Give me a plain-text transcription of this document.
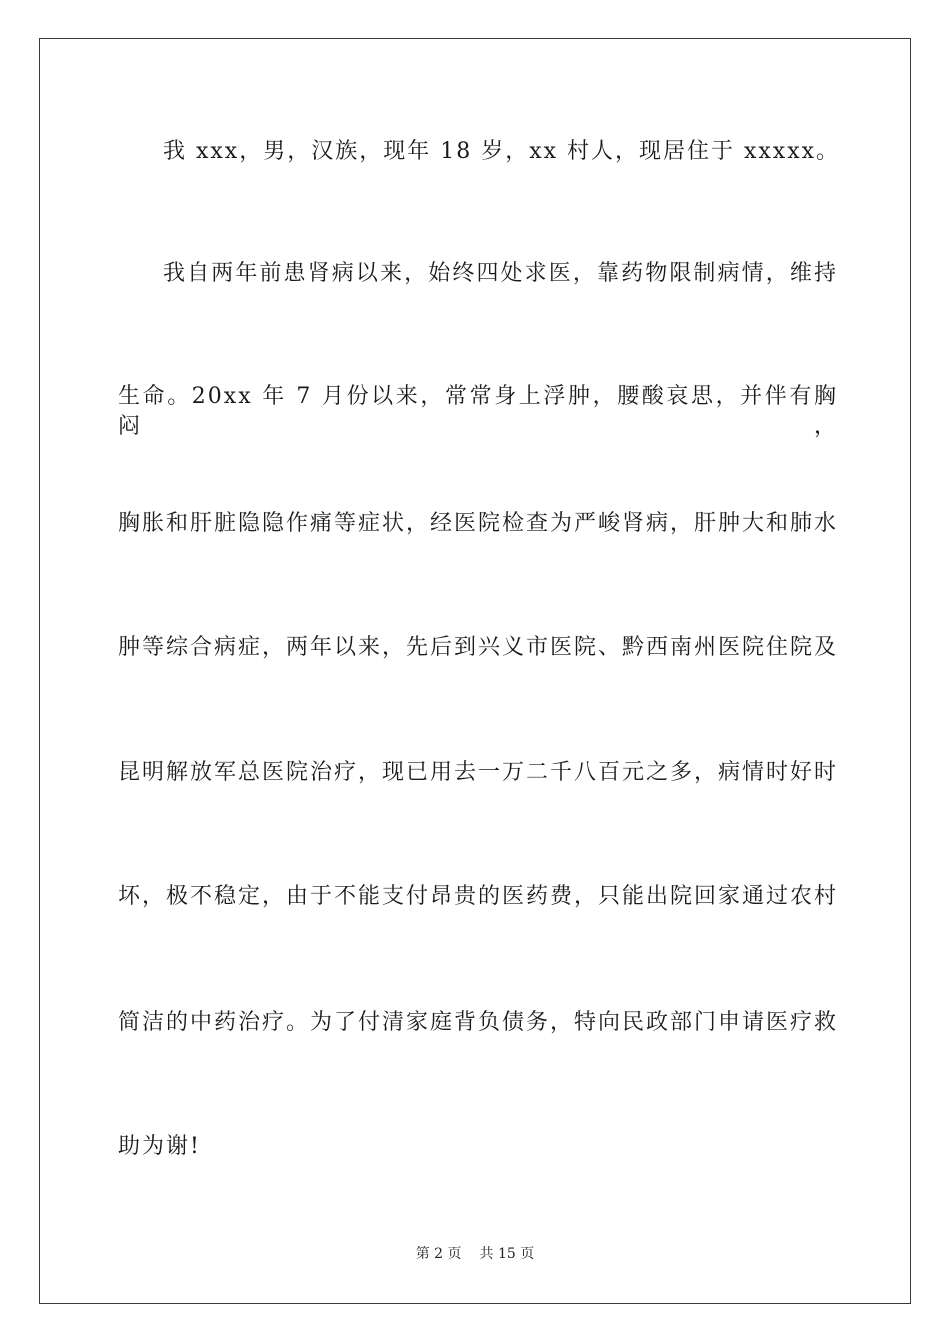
我 xxx，男，汉族，现年 18 岁，xx 村人，现居住于 xxxxx。
我自两年前患肾病以来，始终四处求医，靠药物限制病情，维持
生命。20xx 年 7 月份以来，常常身上浮肿，腰酸哀思，并伴有胸闷，
胸胀和肝脏隐隐作痛等症状，经医院检查为严峻肾病，肝肿大和肺水
肿等综合病症，两年以来，先后到兴义市医院、黔西南州医院住院及
昆明解放军总医院治疗，现已用去一万二千八百元之多，病情时好时
坏，极不稳定，由于不能支付昂贵的医药费，只能出院回家通过农村
简洁的中药治疗。为了付清家庭背负债务，特向民政部门申请医疗救
助为谢!
第 2 页 共 15 页
